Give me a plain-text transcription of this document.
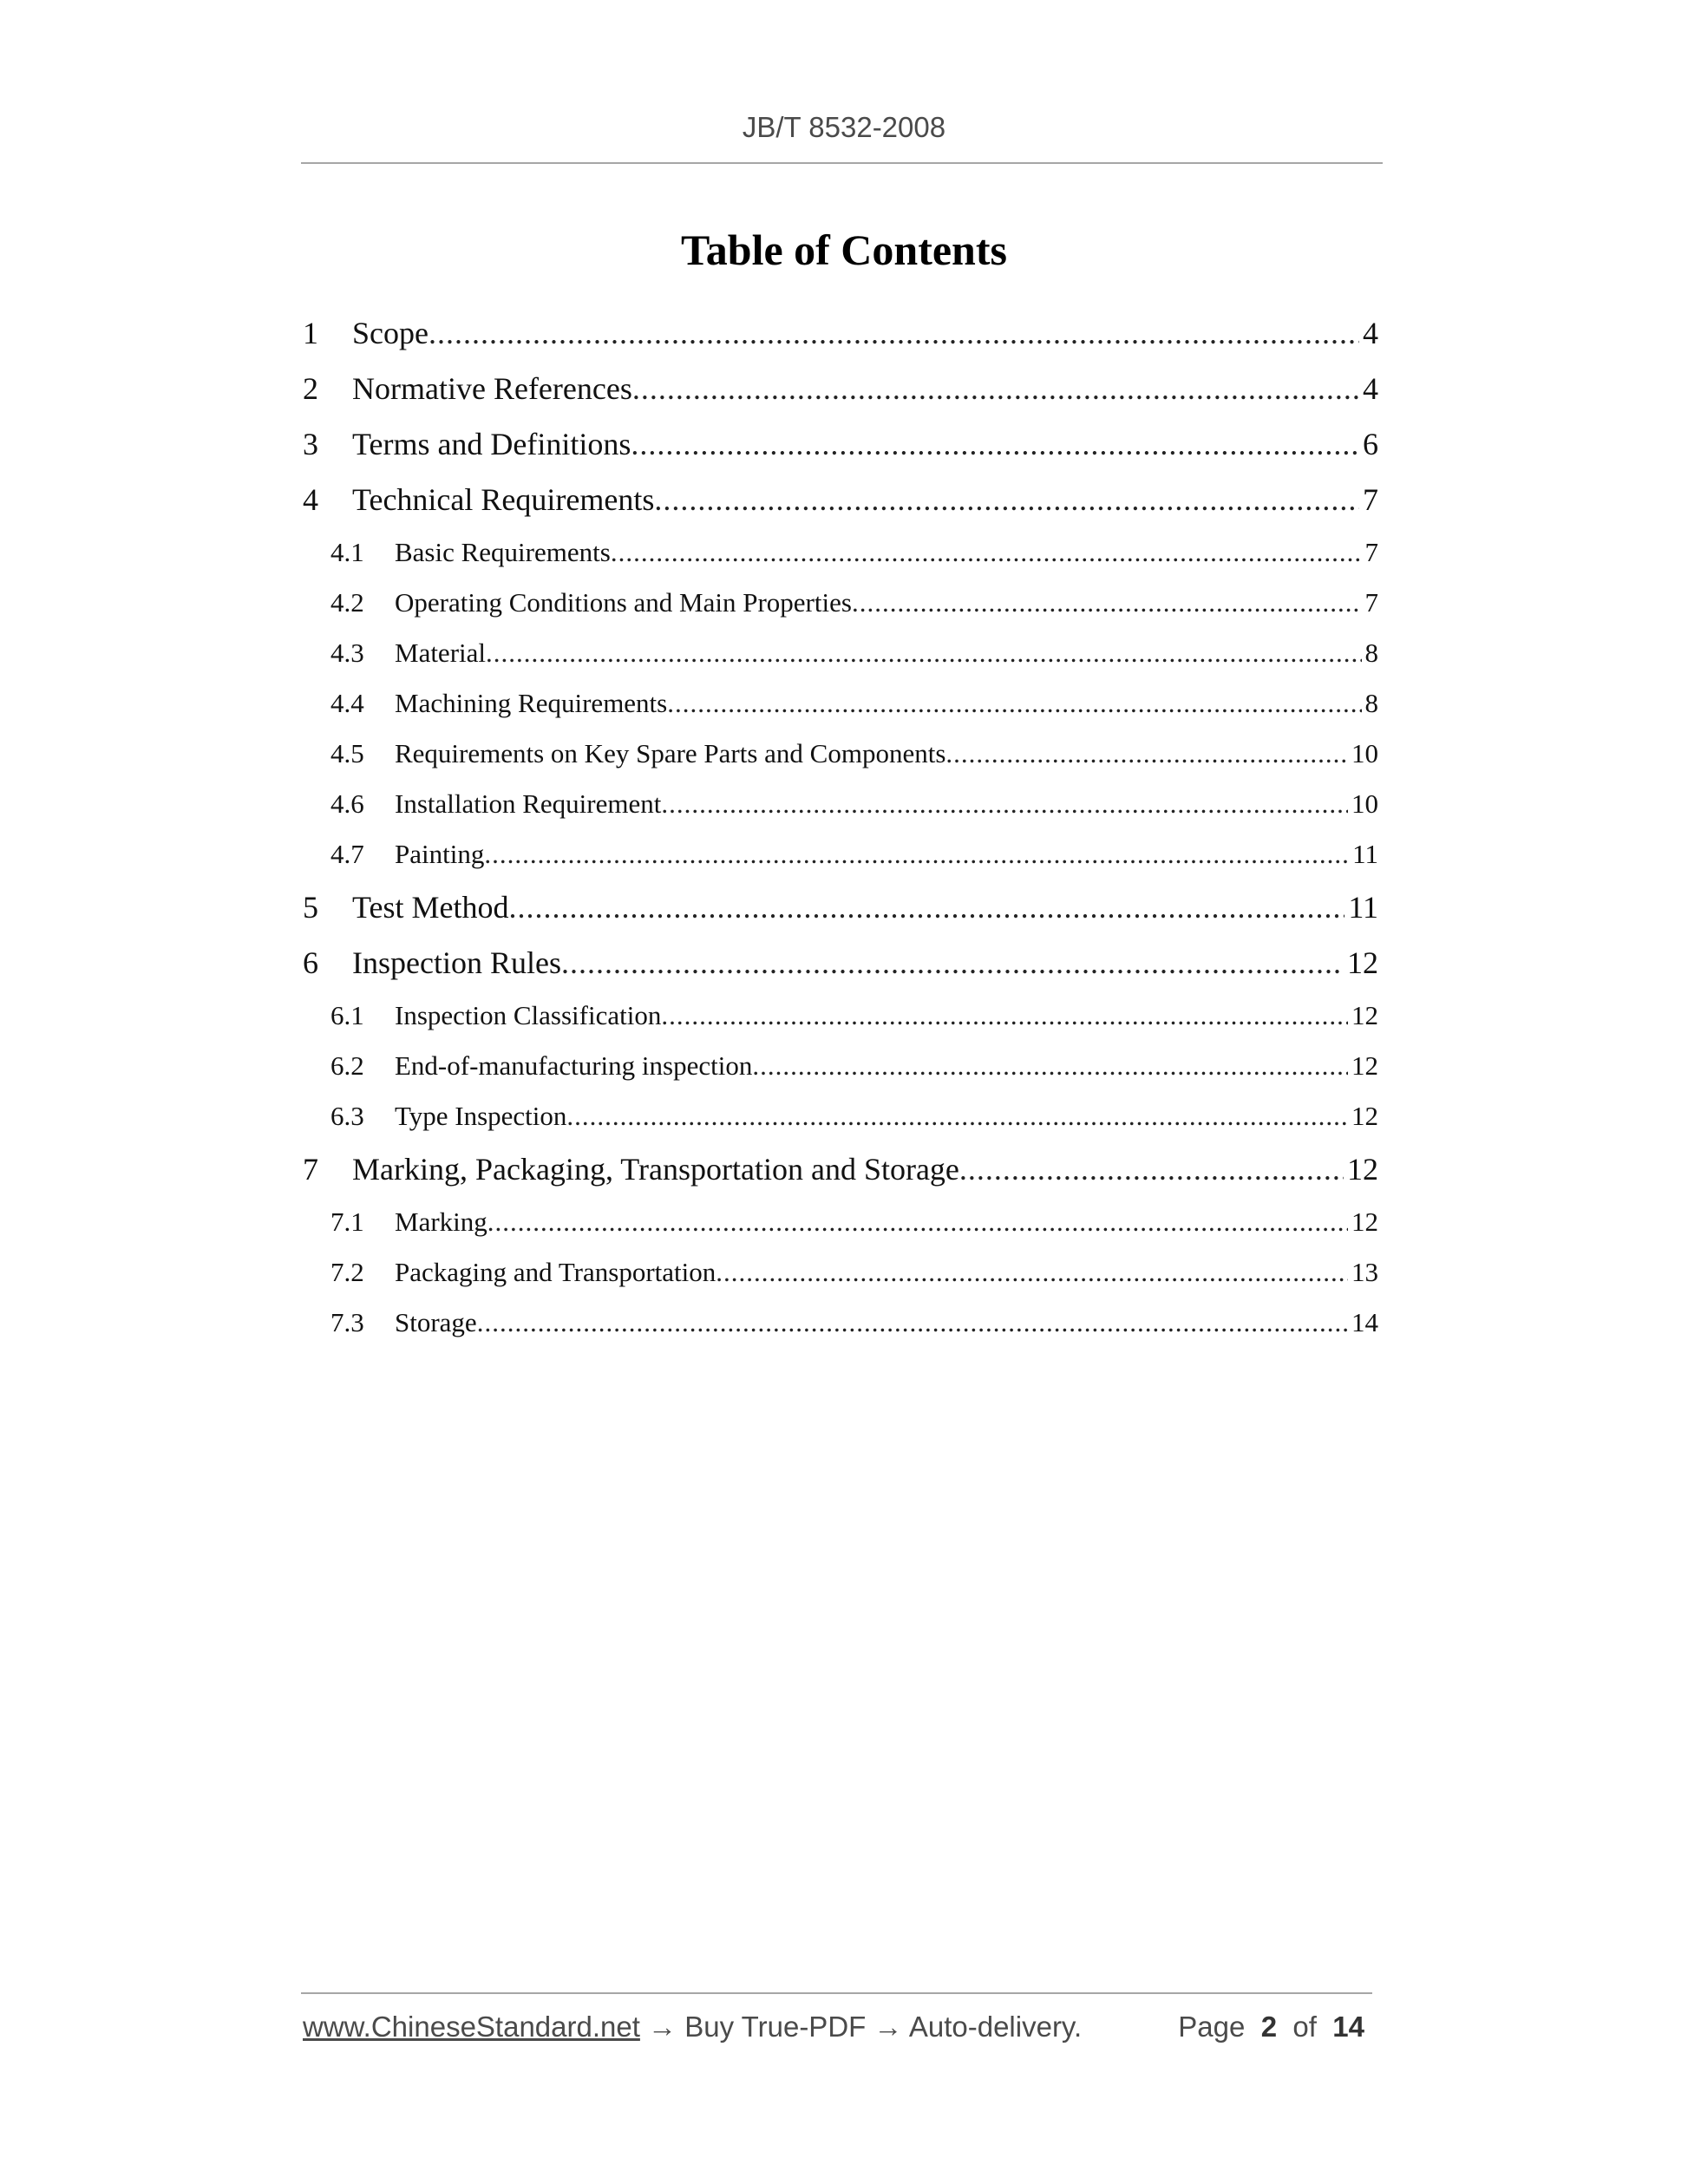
JB/T 8532-2008
Table of Contents
1	Scope .....	4
2	Normative References .....	4
3	Terms and Definitions .....	6
4	Technical Requirements .....	7
4.1	Basic Requirements .....	7
4.2	Operating Conditions and Main Properties .....	7
4.3	Material .....	8
4.4	Machining Requirements .....	8
4.5	Requirements on Key Spare Parts and Components .....	10
4.6	Installation Requirement .....	10
4.7	Painting .....	11
5	Test Method .....	11
6	Inspection Rules .....	12
6.1	Inspection Classification .....	12
6.2	End-of-manufacturing inspection .....	12
6.3	Type Inspection .....	12
7	Marking, Packaging, Transportation and Storage .....	12
7.1	Marking .....	12
7.2	Packaging and Transportation .....	13
7.3	Storage .....	14
www.ChineseStandard.net → Buy True-PDF → Auto-delivery.	Page 2 of 14
